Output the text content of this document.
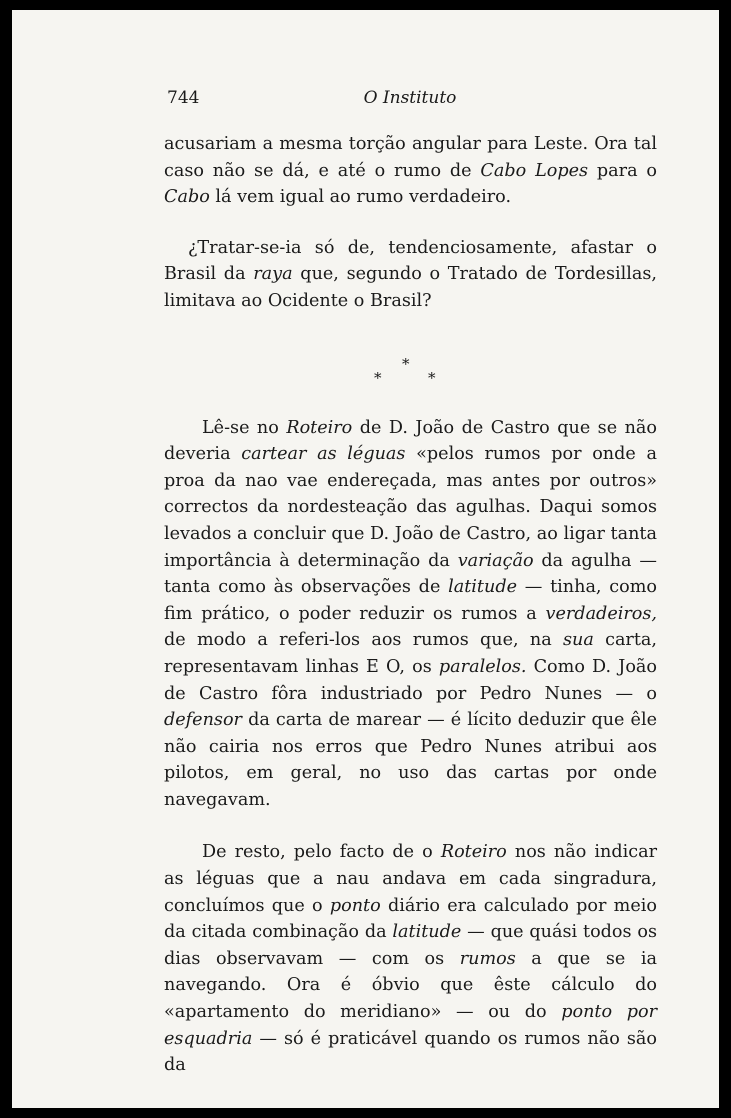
744	O Instituto

acusariam a mesma torção angular para Leste. Ora tal caso não se dá, e até o rumo de Cabo Lopes para o Cabo lá vem igual ao rumo verdadeiro.

¿Tratar-se-ia só de, tendenciosamente, afastar o Brasil da raya que, segundo o Tratado de Tordesillas, limitava ao Ocidente o Brasil?

*
*	*

Lê-se no Roteiro de D. João de Castro que se não deveria cartear as léguas «pelos rumos por onde a proa da nao vae endereçada, mas antes por outros» correctos da nordesteação das agulhas. Daqui somos levados a concluir que D. João de Castro, ao ligar tanta importância à determinação da variação da agulha — tanta como às observações de latitude — tinha, como fim prático, o poder reduzir os rumos a verdadeiros, de modo a referi-los aos rumos que, na sua carta, representavam linhas E O, os paralelos. Como D. João de Castro fôra industriado por Pedro Nunes — o defensor da carta de marear — é lícito deduzir que êle não cairia nos erros que Pedro Nunes atribui aos pilotos, em geral, no uso das cartas por onde navegavam.

De resto, pelo facto de o Roteiro nos não indicar as léguas que a nau andava em cada singradura, concluímos que o ponto diário era calculado por meio da citada combinação da latitude — que quási todos os dias observavam — com os rumos a que se ia navegando. Ora é óbvio que êste cálculo do «apartamento do meridiano» — ou do ponto por esquadria — só é praticável quando os rumos não são da
